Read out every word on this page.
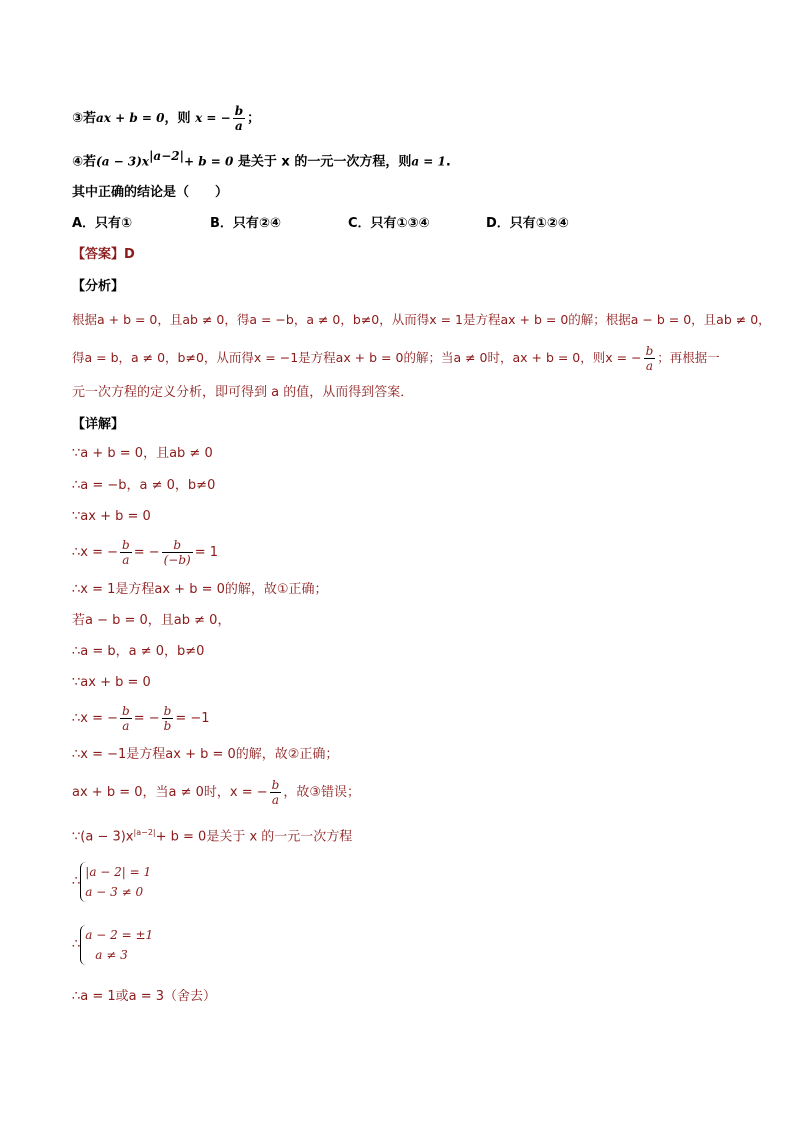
③若ax + b = 0，则 x = − $\frac{b}{a}$ ；
④若$(a - 3)x^{|a-2|}+ b = 0$ 是关于 x 的一元一次方程，则a = 1.
其中正确的结论是（　　）
A．只有①	B．只有②④	C．只有①③④	D．只有①②④
【答案】D
【分析】
根据a + b = 0，且ab ≠ 0，得a = −b，a ≠ 0，b≠0，从而得x = 1是方程ax + b = 0的解；根据a − b = 0，且ab ≠ 0，
得a = b，a ≠ 0，b≠0，从而得x = −1是方程ax + b = 0的解；当a ≠ 0时，ax + b = 0，则x = − $\frac{b}{a}$ ；再根据一
元一次方程的定义分析，即可得到 a 的值，从而得到答案．
【详解】
∵a + b = 0，且ab ≠ 0
∴a = −b，a ≠ 0，b≠0
∵ax + b = 0
∴x = − $\frac{b}{a}$ = − $\frac{b}{(-b)} = 1$
∴x = 1是方程ax + b = 0的解，故①正确；
若a − b = 0，且ab ≠ 0，
∴a = b，a ≠ 0，b≠0
∵ax + b = 0
∴x = − $\frac{b}{a}$ = − $\frac{b}{b} = -1$
∴x = −1是方程ax + b = 0的解，故②正确；
ax + b = 0，当a ≠ 0时，x = − $\frac{b}{a}$ ，故③错误；
∵(a − $3)x^{|a-2|}+ b = 0$是关于 x 的一元一次方程
∴
|a − 2| = 1
a − 3 ≠ 0
∴
a − 2 = ±1
a ≠ 3
∴a = 1或a = 3（舍去）
